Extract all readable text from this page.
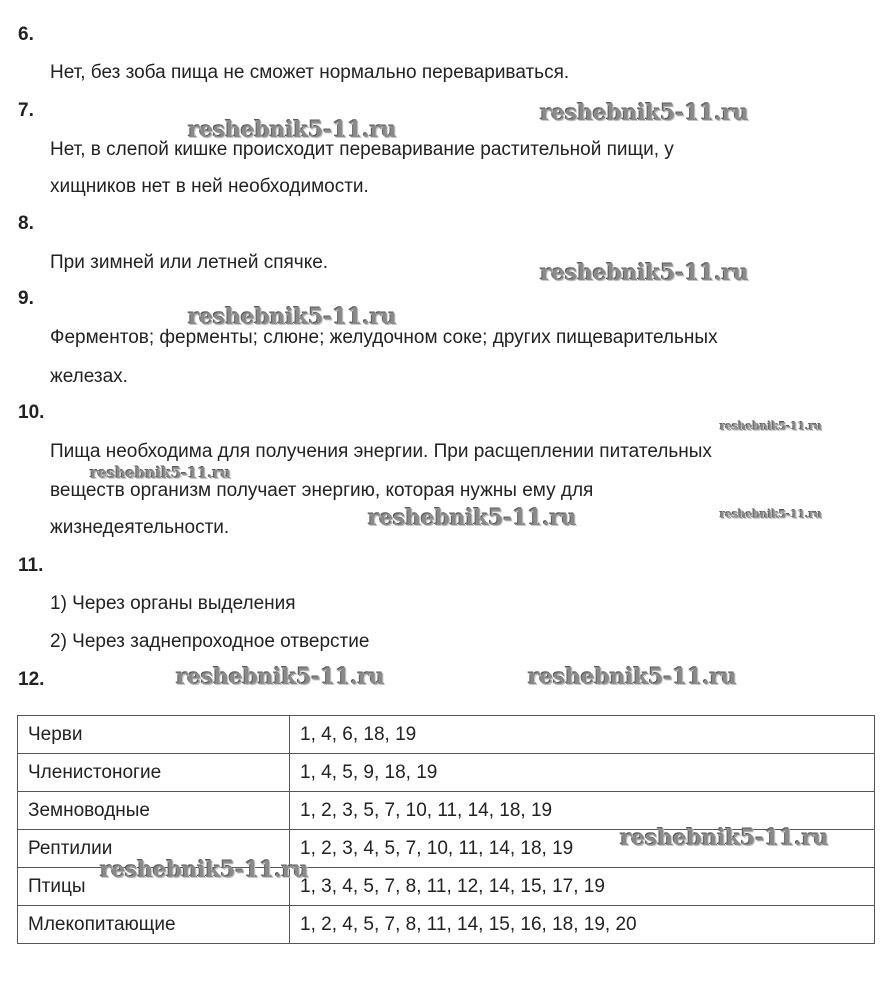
6.
Нет, без зоба пища не сможет нормально перевариваться.
7.
Нет, в слепой кишке происходит переваривание растительной пищи, у
хищников нет в ней необходимости.
8.
При зимней или летней спячке.
9.
Ферментов; ферменты; слюне; желудочном соке; других пищеварительных
железах.
10.
Пища необходима для получения энергии. При расщеплении питательных
веществ организм получает энергию, которая нужны ему для
жизнедеятельности.
11.
1) Через органы выделения
2) Через заднепроходное отверстие
12.
Черви	1, 4, 6, 18, 19
Членистоногие	1, 4, 5, 9, 18, 19
Земноводные	1, 2, 3, 5, 7, 10, 11, 14, 18, 19
Рептилии	1, 2, 3, 4, 5, 7, 10, 11, 14, 18, 19
Птицы	1, 3, 4, 5, 7, 8, 11, 12, 14, 15, 17, 19
Млекопитающие	1, 2, 4, 5, 7, 8, 11, 14, 15, 16, 18, 19, 20
reshebnik5-11.ru
reshebnik5-11.ru
reshebnik5-11.ru
reshebnik5-11.ru
reshebnik5-11.ru
reshebnik5-11.ru
reshebnik5-11.ru
reshebnik5-11.ru
reshebnik5-11.ru	reshebnik5-11.ru
reshebnik5-11.ru
reshebnik5-11.ru
